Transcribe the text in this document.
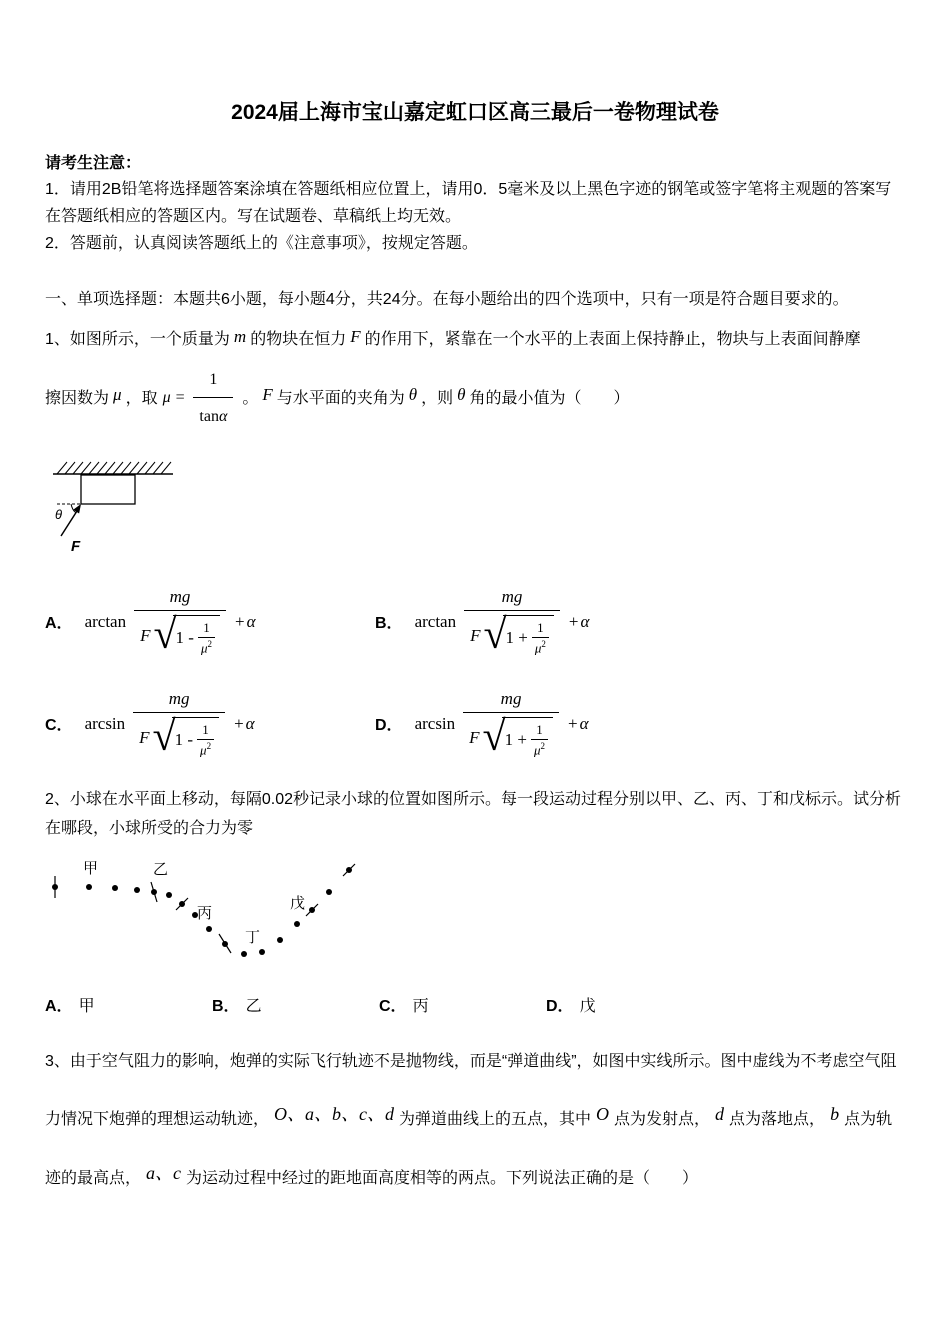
2024届上海市宝山嘉定虹口区高三最后一卷物理试卷
请考生注意：

1．请用2B铅笔将选择题答案涂填在答题纸相应位置上，请用0．5毫米及以上黑色字迹的钢笔或签字笔将主观题的答案写在答题纸相应的答题区内。写在试题卷、草稿纸上均无效。

2．答题前，认真阅读答题纸上的《注意事项》，按规定答题。

一、单项选择题：本题共6小题，每小题4分，共24分。在每小题给出的四个选项中，只有一项是符合题目要求的。
1、如图所示，一个质量为 m 的物块在恒力 F 的作用下，紧靠在一个水平的上表面上保持静止，物块与上表面间静摩
擦因数为 μ ，取 $\mu = \frac{1}{\text{tan α}}$ 。 F 与水平面的夹角为 θ ，则 θ 角的最小值为（　　）
θ
F
A． arctan
mg
F √ $1 - \frac{1}{\mu^2} + \alpha$	B． arctan
mg
F √ $1 + \frac{1}{\mu^2} + \alpha$
C． arcsin
mg
F √ $1 - \frac{1}{\mu^2} + \alpha$	D． arcsin
mg
F √ $1 + \frac{1}{\mu^2} + \alpha$
2、小球在水平面上移动，每隔0.02秒记录小球的位置如图所示。每一段运动过程分别以甲、乙、丙、丁和戊标示。试分析在哪段，小球所受的合力为零
甲	乙
丙
丁
戊
A． 甲	B． 乙	C． 丙	D． 戊
3、由于空气阻力的影响，炮弹的实际飞行轨迹不是抛物线，而是“弹道曲线”，如图中实线所示。图中虚线为不考虑空气阻力情况下炮弹的理想运动轨迹， O、a、b、c、d 为弹道曲线上的五点，其中 O 点为发射点， d 点为落地点， b 点为轨迹的最高点， a、c 为运动过程中经过的距地面高度相等的两点。下列说法正确的是（　　）
